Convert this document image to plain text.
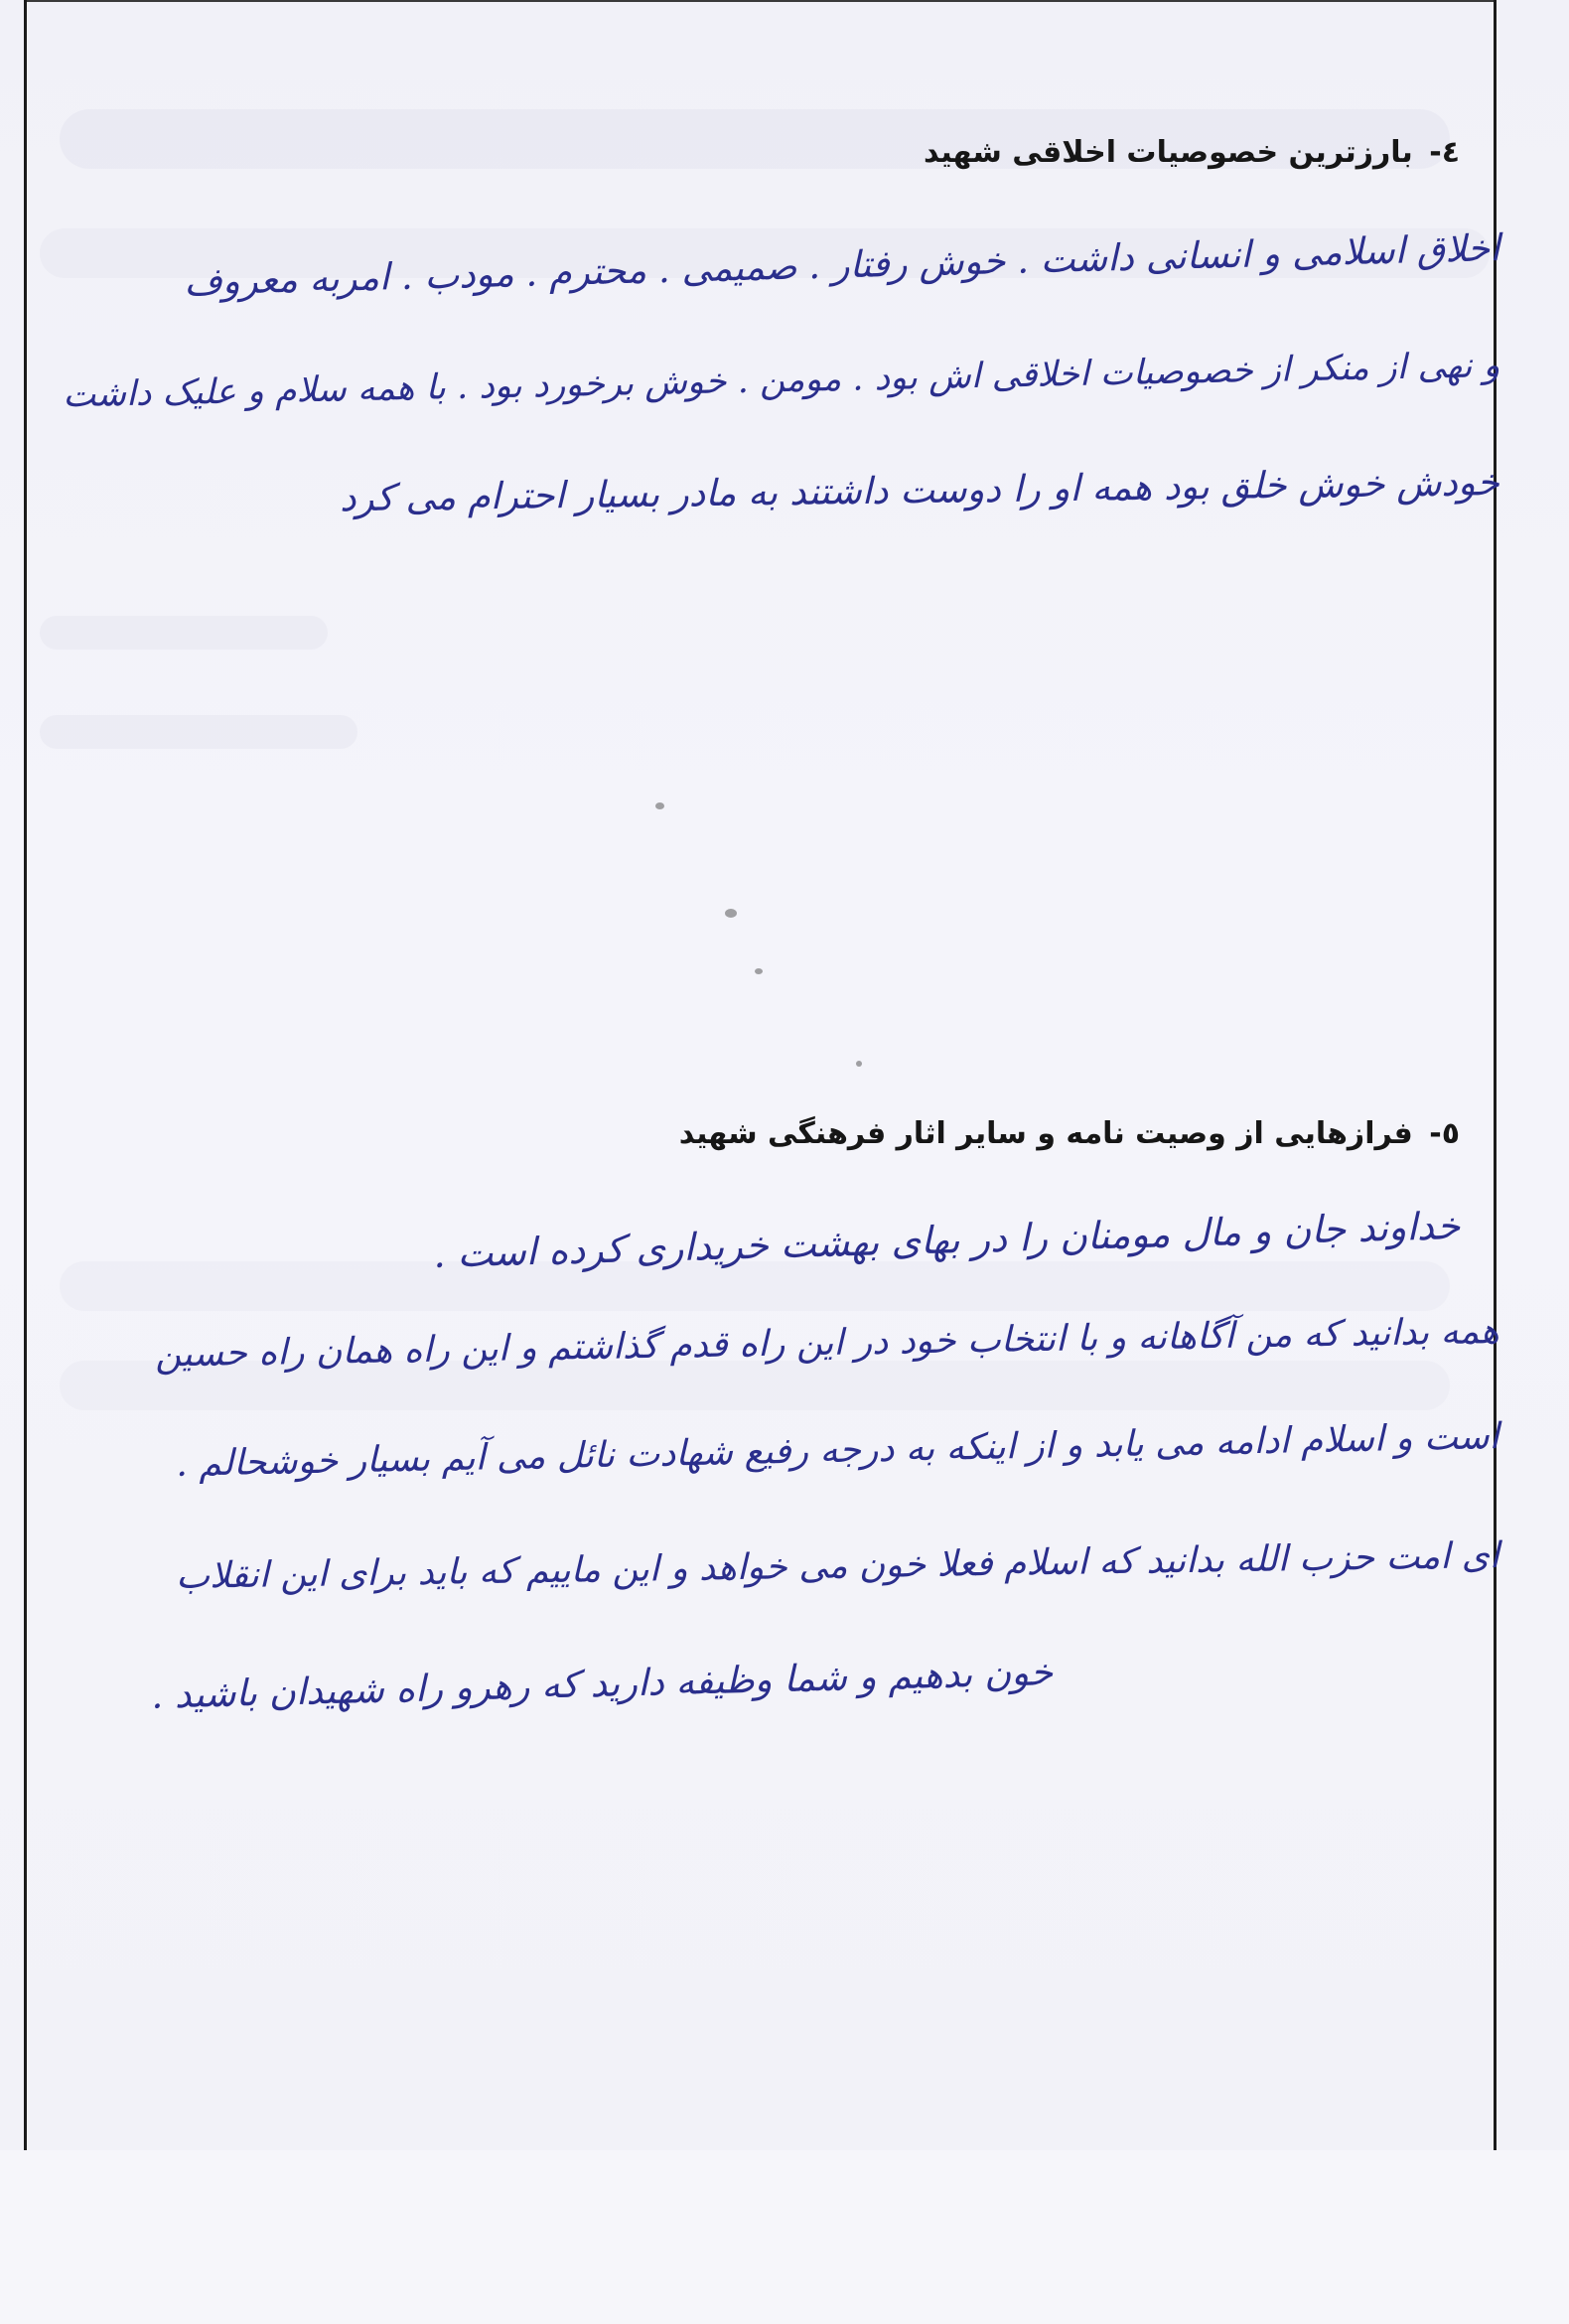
٤- بارزترین خصوصیات اخلاقی شهید
اخلاق اسلامی و انسانی داشت . خوش رفتار . صمیمی . محترم . مودب . امربه معروف
و نهی از منکر از خصوصیات اخلاقی اش بود . مومن . خوش برخورد بود . با همه سلام و علیک داشت
خودش خوش خلق بود همه او را دوست داشتند به مادر بسیار احترام می کرد
٥- فرازهایی از وصیت نامه و سایر اثار فرهنگی شهید
خداوند جان و مال مومنان را در بهای بهشت خریداری کرده است .
همه بدانید که من آگاهانه و با انتخاب خود در این راه قدم گذاشتم و این راه همان راه حسین
است و اسلام ادامه می یابد و از اینکه به درجه رفیع شهادت نائل می آیم بسیار خوشحالم .
ای امت حزب الله بدانید که اسلام فعلا خون می خواهد و این ماییم که باید برای این انقلاب
خون بدهیم و شما وظیفه دارید که رهرو راه شهیدان باشید .
